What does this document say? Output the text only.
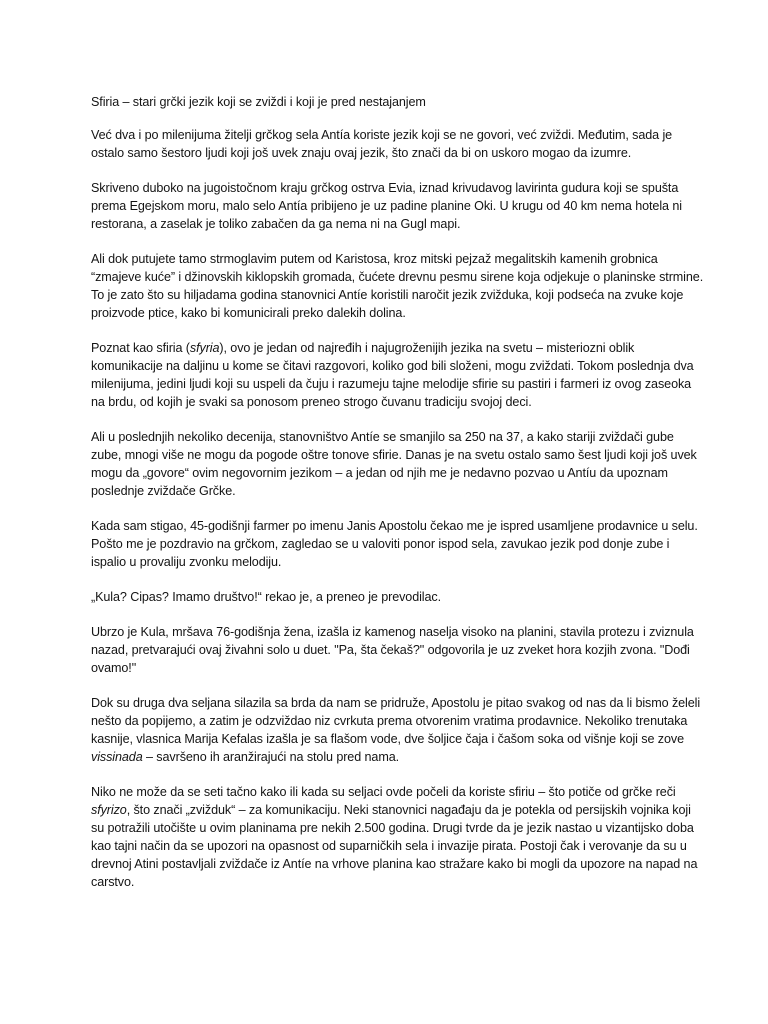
Sfiria – stari grčki jezik koji se zviždi i koji je pred nestajanjem

Već dva i po milenijuma žitelji grčkog sela Antía koriste jezik koji se ne govori, već zviždi. Međutim, sada je ostalo samo šestoro ljudi koji još uvek znaju ovaj jezik, što znači da bi on uskoro mogao da izumre.

Skriveno duboko na jugoistočnom kraju grčkog ostrva Evia, iznad krivudavog lavirinta gudura koji se spušta prema Egejskom moru, malo selo Antía pribijeno je uz padine planine Oki. U krugu od 40 km nema hotela ni restorana, a zaselak je toliko zabačen da ga nema ni na Gugl mapi.

Ali dok putujete tamo strmoglavim putem od Karistosa, kroz mitski pejzaž megalitskih kamenih grobnica “zmajeve kuće” i džinovskih kiklopskih gromada, čućete drevnu pesmu sirene koja odjekuje o planinske strmine. To je zato što su hiljadama godina stanovnici Antíe koristili naročit jezik zviždukа, koji podseća na zvuke koje proizvode ptice, kako bi komunicirali preko dalekih dolina.

Poznat kao sfiria (sfyria), ovo je jedan od najređih i najugroženijih jezika na svetu – misteriozni oblik komunikacije na daljinu u kome se čitavi razgovori, koliko god bili složeni, mogu zviždati. Tokom poslednja dva milenijuma, jedini ljudi koji su uspeli da čuju i razumeju tajne melodije sfirie su pastiri i farmeri iz ovog zaseoka na brdu, od kojih je svaki sa ponosom preneo strogo čuvanu tradiciju svojoj deci.

Ali u poslednjih nekoliko decenija, stanovništvo Antíe se smanjilo sa 250 na 37, a kako stariji zviždači gube zube, mnogi više ne mogu da pogode oštre tonove sfirie. Danas je na svetu ostalo samo šest ljudi koji još uvek mogu da „govore“ ovim negovornim jezikom – a jedan od njih me je nedavno pozvao u Antíu da upoznam poslednje zviždače Grčke.

Kada sam stigao, 45-godišnji farmer po imenu Janis Apostolu čekao me je ispred usamljene prodavnice u selu. Pošto me je pozdravio na grčkom, zagledao se u valoviti ponor ispod sela, zavukao jezik pod donje zube i ispalio u provaliju zvonku melodiju.

„Kula? Cipas? Imamo društvo!“ rekao je, a preneo je prevodilac.

Ubrzo je Kula, mršava 76-godišnja žena, izašla iz kamenog naselja visoko na planini, stavila protezu i zviznula nazad, pretvarajući ovaj živahni solo u duet. "Pa, šta čekaš?" odgovorila je uz zveket hora kozjih zvona. "Dođi ovamo!"

Dok su druga dva seljana silazila sa brda da nam se pridruže, Apostolu je pitao svakog od nas da li bismo želeli nešto da popijemo, a zatim je odzviždao niz cvrkuta prema otvorenim vratima prodavnice. Nekoliko trenutaka kasnije, vlasnica Marija Kefalas izašla je sa flašom vode, dve šoljice čaja i čašom soka od višnje koji se zove vissinada – savršeno ih aranžirajući na stolu pred nama.

Niko ne može da se seti tačno kako ili kada su seljaci ovde počeli da koriste sfiriu – što potiče od grčke reči sfyrizo, što znači „zvižduk“ – za komunikaciju. Neki stanovnici nagađaju da je potekla od persijskih vojnika koji su potražili utočište u ovim planinama pre nekih 2.500 godina. Drugi tvrde da je jezik nastao u vizantijsko doba kao tajni način da se upozori na opasnost od suparničkih sela i invazije pirata. Postoji čak i verovanje da su u drevnoj Atini postavljali zviždače iz Antíe na vrhove planina kao stražare kako bi mogli da upozore na napad na carstvo.
